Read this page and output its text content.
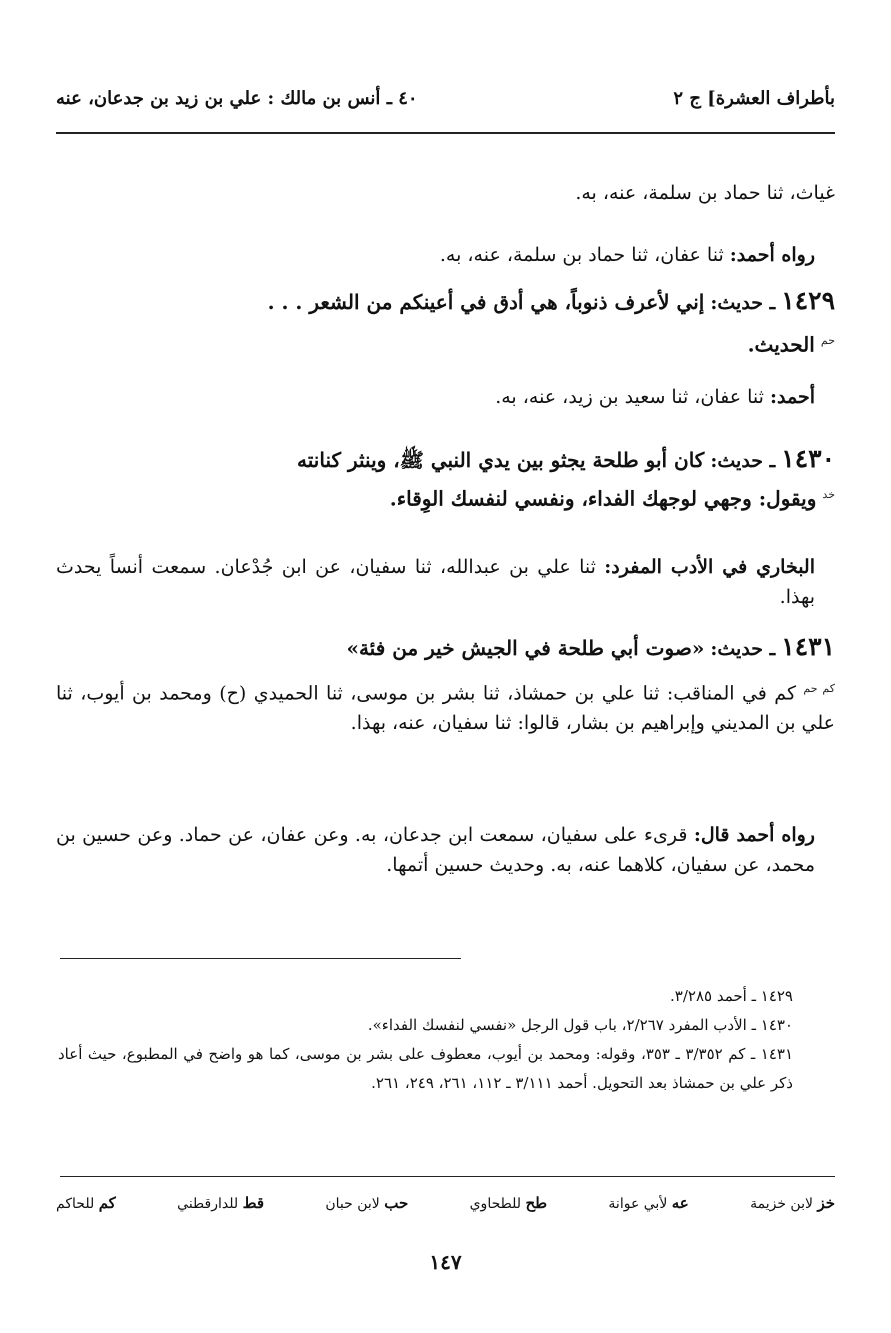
بأطراف العشرة] ج ٢
٤٠ ـ أنس بن مالك : علي بن زيد بن جدعان، عنه

غياث، ثنا حماد بن سلمة، عنه، به.

رواه أحمد: ثنا عفان، ثنا حماد بن سلمة، عنه، به.

١٤٢٩ ـ حديث: إني لأعرف ذنوباً، هي أدق في أعينكم من الشعر . . .

$^{حم}$ الحديث.

أحمد: ثنا عفان، ثنا سعيد بن زيد، عنه، به.

١٤٣٠ ـ حديث: كان أبو طلحة يجثو بين يدي النبي ﷺ، وينثر كنانته

$^{خد}$ ويقول: وجهي لوجهك الفداء، ونفسي لنفسك الوِقاء.

البخاري في الأدب المفرد: ثنا علي بن عبدالله، ثنا سفيان، عن ابن جُدْعان. سمعت أنساً يحدث بهذا.

١٤٣١ ـ حديث: «صوت أبي طلحة في الجيش خير من فئة»

$^{كم حم}$ كم في المناقب: ثنا علي بن حمشاذ، ثنا بشر بن موسى، ثنا الحميدي (ح) ومحمد بن أيوب، ثنا علي بن المديني وإبراهيم بن بشار، قالوا: ثنا سفيان، عنه، بهذا.

رواه أحمد قال: قرىء على سفيان، سمعت ابن جدعان، به. وعن عفان، عن حماد. وعن حسين بن محمد، عن سفيان، كلاهما عنه، به. وحديث حسين أتمها.

١٤٢٩ ـ أحمد ٣/٢٨٥.

١٤٣٠ ـ الأدب المفرد ٢/٢٦٧، باب قول الرجل «نفسي لنفسك الفداء».

١٤٣١ ـ كم ٣/٣٥٢ ـ ٣٥٣، وقوله: ومحمد بن أيوب، معطوف على بشر بن موسى، كما هو واضح في المطبوع، حيث أعاد ذكر علي بن حمشاذ بعد التحويل. أحمد ٣/١١١ ـ ١١٢، ٢٦١، ٢٤٩، ٢٦١.

خز لابن خزيمة
عه لأبي عوانة
طح للطحاوي
حب لابن حبان
قط للدارقطني
كم للحاكم
١٤٧
